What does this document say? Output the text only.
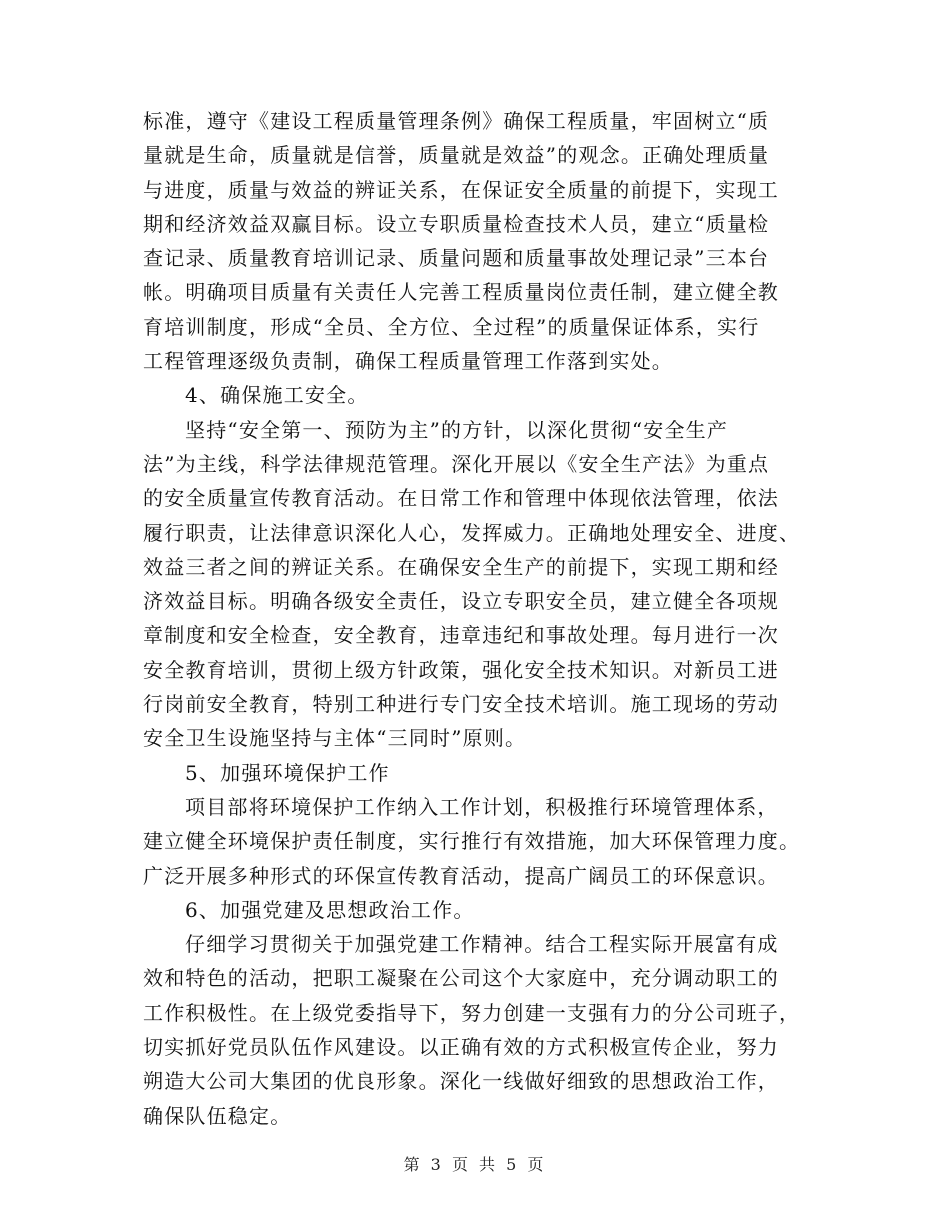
标准，遵守《建设工程质量管理条例》确保工程质量，牢固树立“质
量就是生命，质量就是信誉，质量就是效益”的观念。正确处理质量
与进度，质量与效益的辨证关系，在保证安全质量的前提下，实现工
期和经济效益双赢目标。设立专职质量检查技术人员，建立“质量检
查记录、质量教育培训记录、质量问题和质量事故处理记录”三本台
帐。明确项目质量有关责任人完善工程质量岗位责任制，建立健全教
育培训制度，形成“全员、全方位、全过程”的质量保证体系，实行
工程管理逐级负责制，确保工程质量管理工作落到实处。
4、确保施工安全。
坚持“安全第一、预防为主”的方针，以深化贯彻“安全生产
法”为主线，科学法律规范管理。深化开展以《安全生产法》为重点
的安全质量宣传教育活动。在日常工作和管理中体现依法管理，依法
履行职责，让法律意识深化人心，发挥威力。正确地处理安全、进度、
效益三者之间的辨证关系。在确保安全生产的前提下，实现工期和经
济效益目标。明确各级安全责任，设立专职安全员，建立健全各项规
章制度和安全检查，安全教育，违章违纪和事故处理。每月进行一次
安全教育培训，贯彻上级方针政策，强化安全技术知识。对新员工进
行岗前安全教育，特别工种进行专门安全技术培训。施工现场的劳动
安全卫生设施坚持与主体“三同时”原则。
5、加强环境保护工作
项目部将环境保护工作纳入工作计划，积极推行环境管理体系，
建立健全环境保护责任制度，实行推行有效措施，加大环保管理力度。
广泛开展多种形式的环保宣传教育活动，提高广阔员工的环保意识。
6、加强党建及思想政治工作。
仔细学习贯彻关于加强党建工作精神。结合工程实际开展富有成
效和特色的活动，把职工凝聚在公司这个大家庭中，充分调动职工的
工作积极性。在上级党委指导下，努力创建一支强有力的分公司班子，
切实抓好党员队伍作风建设。以正确有效的方式积极宣传企业，努力
朔造大公司大集团的优良形象。深化一线做好细致的思想政治工作，
确保队伍稳定。
第 3 页 共 5 页
